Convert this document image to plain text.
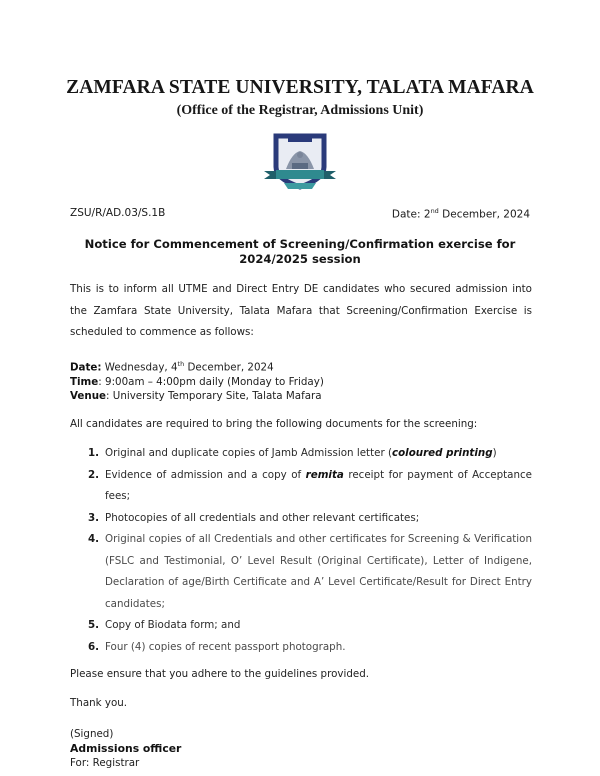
ZAMFARA STATE UNIVERSITY, TALATA MAFARA
(Office of the Registrar, Admissions Unit)
ZSU/R/AD.03/S.1B	Date: 2nd December, 2024
Notice for Commencement of Screening/Confirmation exercise for
2024/2025 session
This is to inform all UTME and Direct Entry DE candidates who secured admission into the Zamfara State University, Talata Mafara that Screening/Confirmation Exercise is scheduled to commence as follows:
Date: Wednesday, 4th December, 2024
Time: 9:00am – 4:00pm daily (Monday to Friday)
Venue: University Temporary Site, Talata Mafara
All candidates are required to bring the following documents for the screening:
1. Original and duplicate copies of Jamb Admission letter (coloured printing)
2. Evidence of admission and a copy of remita receipt for payment of Acceptance fees;
3. Photocopies of all credentials and other relevant certificates;
4. Original copies of all Credentials and other certificates for Screening & Verification (FSLC and Testimonial, O’ Level Result (Original Certificate), Letter of Indigene, Declaration of age/Birth Certificate and A’ Level Certificate/Result for Direct Entry candidates;
5. Copy of Biodata form; and
6. Four (4) copies of recent passport photograph.
Please ensure that you adhere to the guidelines provided.
Thank you.
(Signed)
Admissions officer
For: Registrar
